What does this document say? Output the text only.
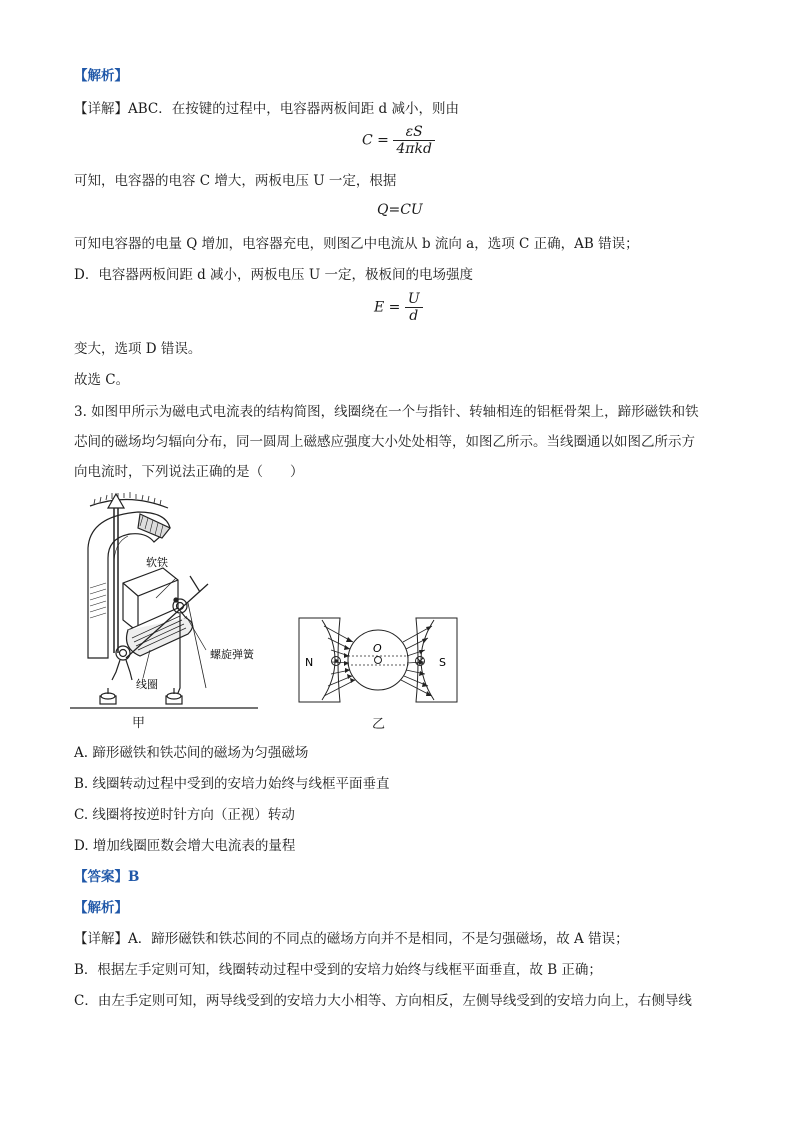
【解析】
【详解】ABC．在按键的过程中，电容器两板间距 d 减小，则由
$C = \frac{\varepsilon S}{\text{4πkd}}$
可知，电容器的电容 C 增大，两板电压 U 一定，根据
Q=CU
可知电容器的电量 Q 增加，电容器充电，则图乙中电流从 b 流向 a，选项 C 正确，AB 错误；
D．电容器两板间距 d 减小，两板电压 U 一定，极板间的电场强度
$E = \frac{U}{d}$
变大，选项 D 错误。
故选 C。
3. 如图甲所示为磁电式电流表的结构简图，线圈绕在一个与指针、转轴相连的铝框骨架上，蹄形磁铁和铁
芯间的磁场均匀辐向分布，同一圆周上磁感应强度大小处处相等，如图乙所示。当线圈通以如图乙所示方
向电流时，下列说法正确的是（　　）
软铁
螺旋弹簧
线圈
甲
N	S
O
乙
A. 蹄形磁铁和铁芯间的磁场为匀强磁场
B. 线圈转动过程中受到的安培力始终与线框平面垂直
C. 线圈将按逆时针方向（正视）转动
D. 增加线圈匝数会增大电流表的量程
【答案】B
【解析】
【详解】A．蹄形磁铁和铁芯间的不同点的磁场方向并不是相同，不是匀强磁场，故 A 错误；
B．根据左手定则可知，线圈转动过程中受到的安培力始终与线框平面垂直，故 B 正确；
C．由左手定则可知，两导线受到的安培力大小相等、方向相反，左侧导线受到的安培力向上，右侧导线
